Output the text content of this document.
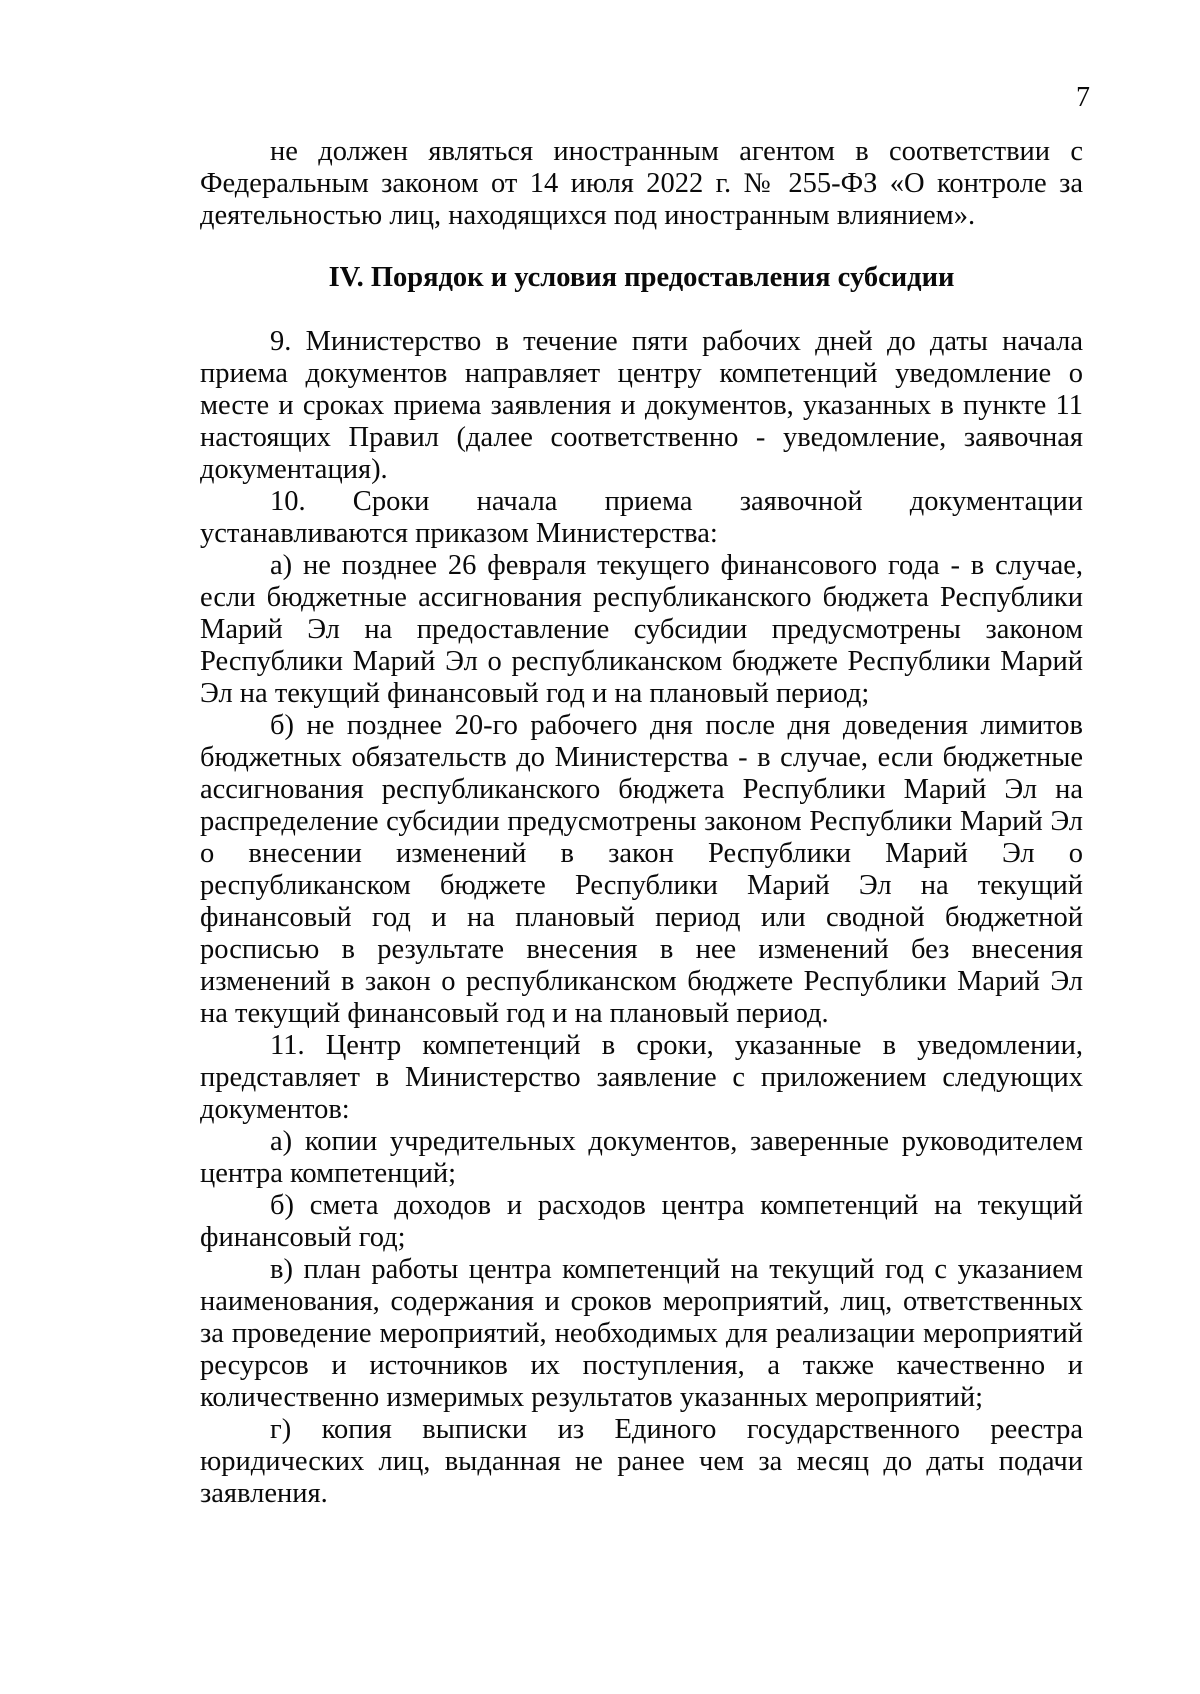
7

не должен являться иностранным агентом в соответствии с Федеральным законом от 14 июля 2022 г. № 255-ФЗ «О контроле за деятельностью лиц, находящихся под иностранным влиянием».

IV. Порядок и условия предоставления субсидии

9. Министерство в течение пяти рабочих дней до даты начала приема документов направляет центру компетенций уведомление о месте и сроках приема заявления и документов, указанных в пункте 11 настоящих Правил (далее соответственно - уведомление, заявочная документация).

10. Сроки начала приема заявочной документации устанавливаются приказом Министерства:

а) не позднее 26 февраля текущего финансового года - в случае, если бюджетные ассигнования республиканского бюджета Республики Марий Эл на предоставление субсидии предусмотрены законом Республики Марий Эл о республиканском бюджете Республики Марий Эл на текущий финансовый год и на плановый период;

б) не позднее 20-го рабочего дня после дня доведения лимитов бюджетных обязательств до Министерства - в случае, если бюджетные ассигнования республиканского бюджета Республики Марий Эл на распределение субсидии предусмотрены законом Республики Марий Эл о внесении изменений в закон Республики Марий Эл о республиканском бюджете Республики Марий Эл на текущий финансовый год и на плановый период или сводной бюджетной росписью в результате внесения в нее изменений без внесения изменений в закон о республиканском бюджете Республики Марий Эл на текущий финансовый год и на плановый период.

11. Центр компетенций в сроки, указанные в уведомлении, представляет в Министерство заявление с приложением следующих документов:

а) копии учредительных документов, заверенные руководителем центра компетенций;

б) смета доходов и расходов центра компетенций на текущий финансовый год;

в) план работы центра компетенций на текущий год с указанием наименования, содержания и сроков мероприятий, лиц, ответственных за проведение мероприятий, необходимых для реализации мероприятий ресурсов и источников их поступления, а также качественно и количественно измеримых результатов указанных мероприятий;

г) копия выписки из Единого государственного реестра юридических лиц, выданная не ранее чем за месяц до даты подачи заявления.
